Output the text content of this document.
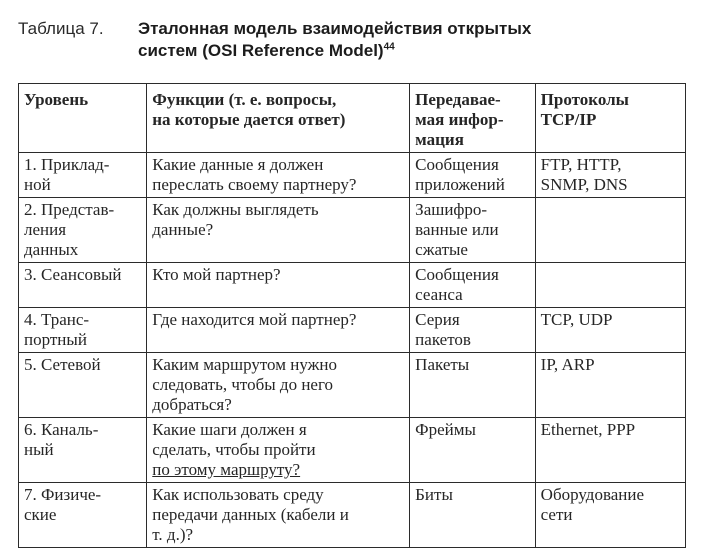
Таблица 7. Эталонная модель взаимодействия открытых
систем (OSI Reference Model)$^{44}$
Уровень	Функции (т. е. вопросы,
на которые дается ответ)	Передавае-
мая инфор-
мация	Протоколы
TCP/IP

1. Приклад-
ной	Какие данные я должен
переслать своему партнеру?	Сообщения
приложений	FTP, HTTP,
SNMP, DNS

2. Представ-
ления
данных	Как должны выглядеть
данные?	Зашифро-
ванные или
сжатые	

3. Сеансовый	Кто мой партнер?	Сообщения
сеанса	

4. Транс-
портный	Где находится мой партнер?	Серия
пакетов	TCP, UDP

5. Сетевой	Каким маршрутом нужно
следовать, чтобы до него
добраться?	Пакеты	IP, ARP

6. Каналь-
ный	Какие шаги должен я
сделать, чтобы пройти
по этому маршруту?	Фреймы	Ethernet, PPP

7. Физиче-
ские	Как использовать среду
передачи данных (кабели и
т. д.)?	Биты	Оборудование
сети
